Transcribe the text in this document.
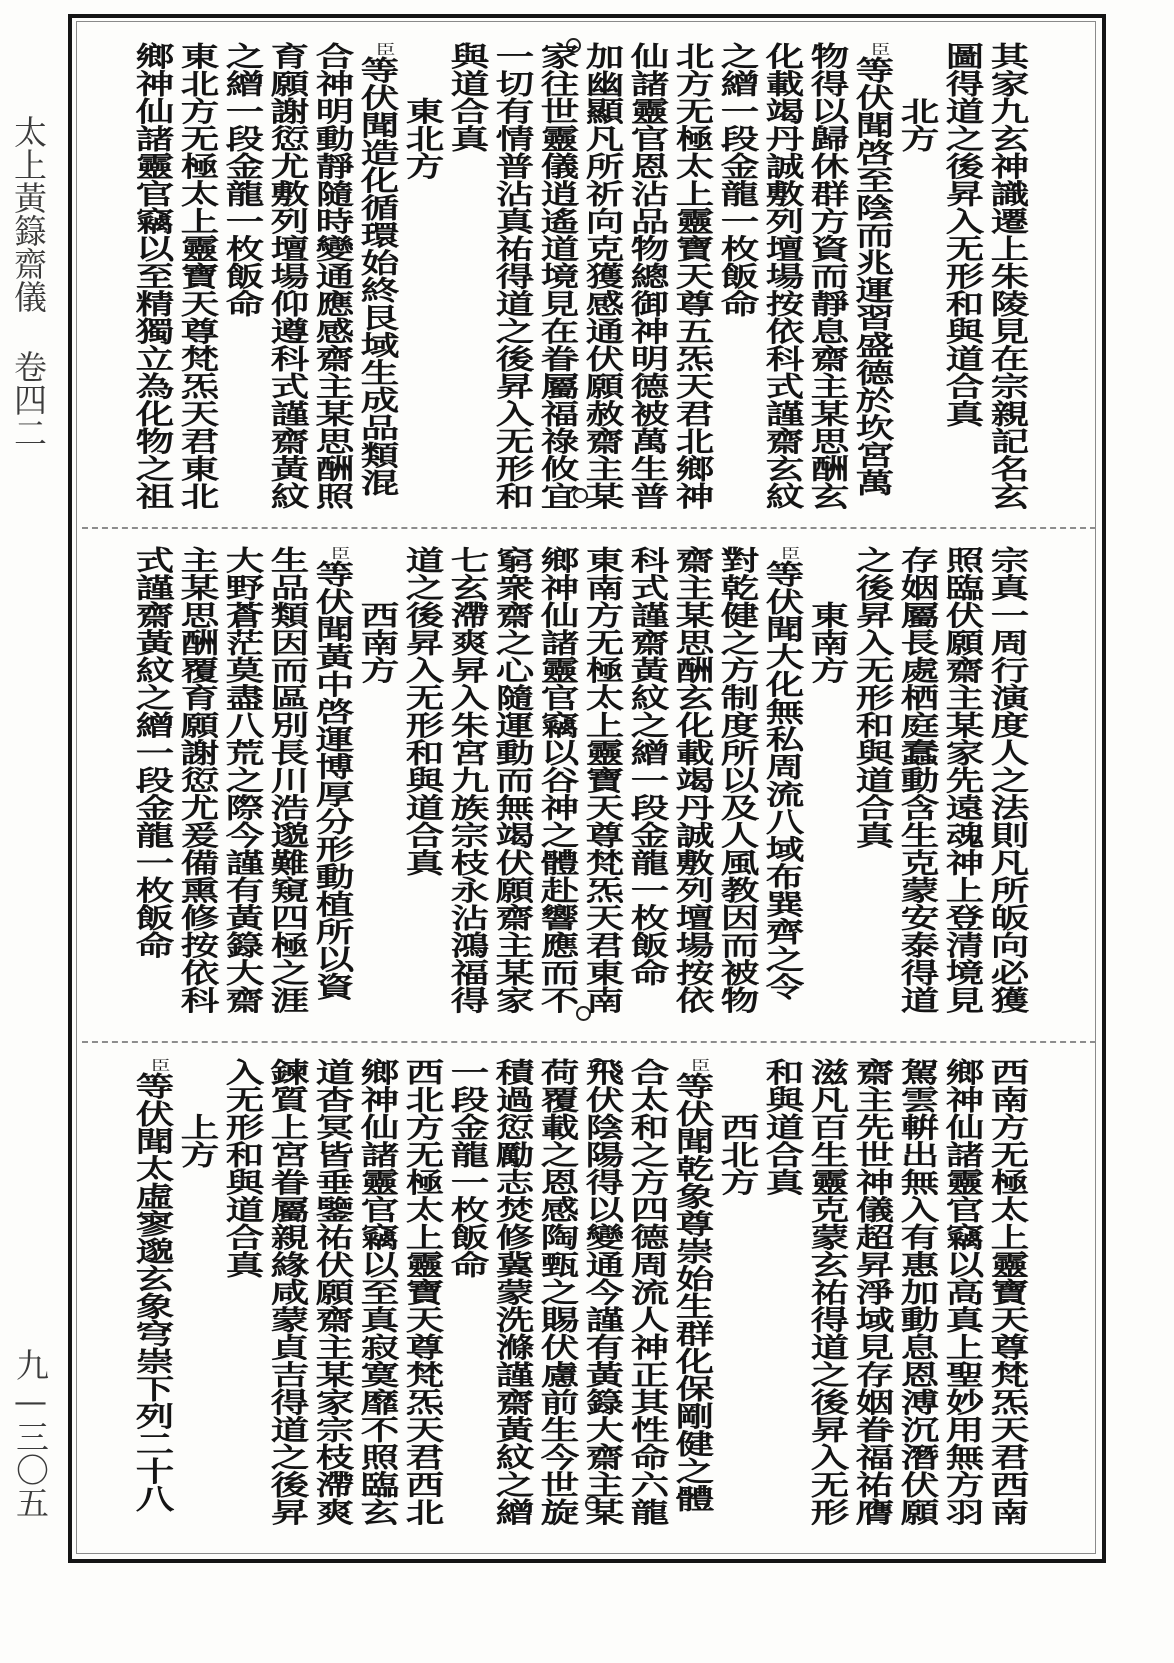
太上黃籙齋儀
卷四二
九—三〇五
其家九玄神識遷上朱陵見在宗親記名玄
圖得道之後昇入无形和與道合真
北方
臣等伏聞啓至陰而兆運習盛德於坎宮萬
物得以歸休群方資而靜息齋主某思酬玄
化載竭丹誠敷列壇場按依科式謹齋玄紋
之繒一段金龍一枚飯命
北方无極太上靈寶天尊五炁天君北鄉神
仙諸靈官恩沾品物總御神明德被萬生普
加幽顯凡所祈向克獲感通伏願赦齋主某
家往世靈儀逍遙道境見在眷屬福祿攸宜
一切有情普沾真祐得道之後昇入无形和
與道合真
東北方
臣等伏聞造化循環始終艮域生成品類混
合神明動靜隨時變通應感齋主某思酬照
育願謝愆尤敷列壇場仰遵科式謹齋黃紋
之繒一段金龍一枚飯命
東北方无極太上靈寶天尊梵炁天君東北
鄉神仙諸靈官竊以至精獨立為化物之祖
宗真一周行演度人之法則凡所皈向必獲
照臨伏願齋主某家先遠魂神上登清境見
存姻屬長處栖庭蠢動含生克蒙安泰得道
之後昇入无形和與道合真
東南方
臣等伏聞大化無私周流八域布巽齊之令
對乾健之方制度所以及人風教因而被物
齋主某思酬玄化載竭丹誠敷列壇場按依
科式謹齋黃紋之繒一段金龍一枚飯命
東南方无極太上靈寶天尊梵炁天君東南
鄉神仙諸靈官竊以谷神之體赴響應而不
窮衆齋之心隨運動而無竭伏願齋主某家
七玄滯爽昇入朱宮九族宗枝永沾鴻福得
道之後昇入无形和與道合真
西南方
臣等伏聞黃中啓運博厚分形動植所以資
生品類因而區別長川浩邈難窺四極之涯
大野蒼茫莫盡八荒之際今謹有黃籙大齋
主某思酬覆育願謝愆尤爰備熏修按依科
式謹齋黃紋之繒一段金龍一枚飯命
西南方无極太上靈寶天尊梵炁天君西南
鄉神仙諸靈官竊以高真上聖妙用無方羽
駕雲輧出無入有惠加動息恩溥沉潛伏願
齋主先世神儀超昇淨域見存姻眷福祐膺
滋凡百生靈克蒙玄祐得道之後昇入无形
和與道合真
西北方
臣等伏聞乾象尊崇始生群化保剛健之體
合太和之方四德周流人神正其性命六龍
飛伏陰陽得以變通今謹有黃籙大齋主某
荷覆載之恩感陶甄之賜伏慮前生今世旋
積過愆勵志焚修冀蒙洗滌謹齋黃紋之繒
一段金龍一枚飯命
西北方无極太上靈寶天尊梵炁天君西北
鄉神仙諸靈官竊以至真寂寞靡不照臨玄
道杳冥皆垂鑒祐伏願齋主某家宗枝滯爽
鍊質上宮眷屬親緣咸蒙貞吉得道之後昇
入无形和與道合真
上方
臣等伏聞太虛寥邈玄象穹崇下列二十八
